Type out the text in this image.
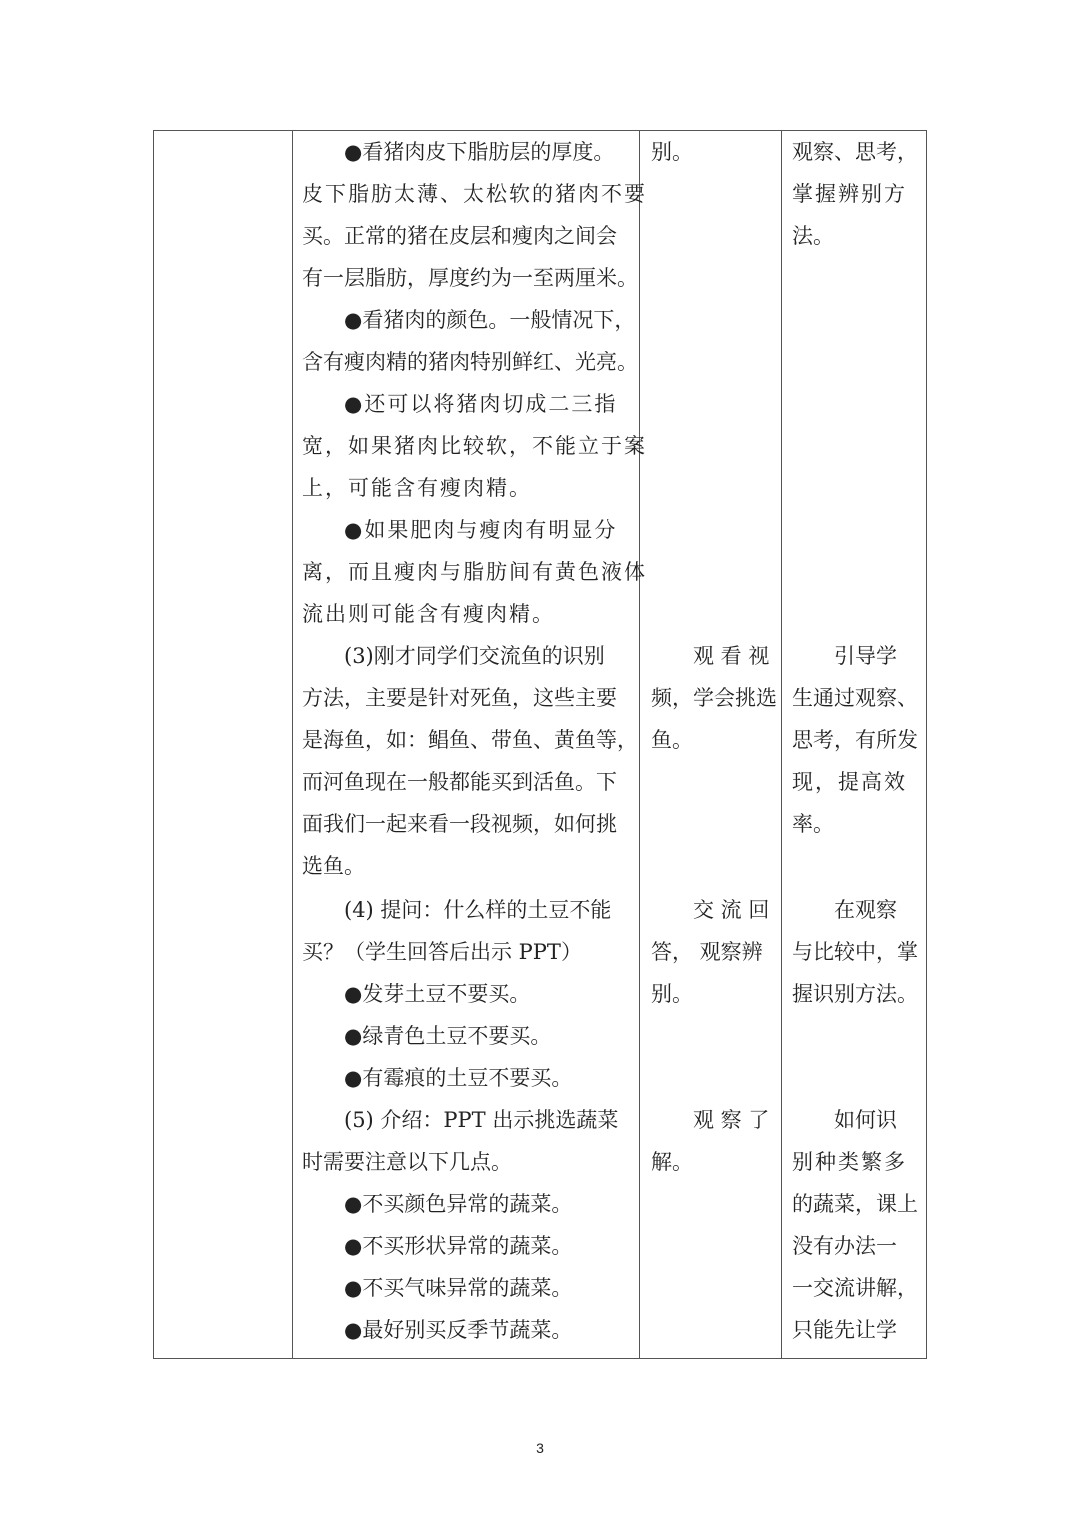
●看猪肉皮下脂肪层的厚度。
皮下脂肪太薄、太松软的猪肉不要
买。正常的猪在皮层和瘦肉之间会
有一层脂肪，厚度约为一至两厘米。
●看猪肉的颜色。一般情况下，
含有瘦肉精的猪肉特别鲜红、光亮。
●还可以将猪肉切成二三指
宽，如果猪肉比较软，不能立于案
上，可能含有瘦肉精。
●如果肥肉与瘦肉有明显分
离，而且瘦肉与脂肪间有黄色液体
流出则可能含有瘦肉精。
(3)刚才同学们交流鱼的识别
方法，主要是针对死鱼，这些主要
是海鱼，如：鲳鱼、带鱼、黄鱼等，
而河鱼现在一般都能买到活鱼。下
面我们一起来看一段视频，如何挑
选鱼。
(4) 提问：什么样的土豆不能
买？（学生回答后出示 PPT）
●发芽土豆不要买。
●绿青色土豆不要买。
●有霉痕的土豆不要买。
(5) 介绍：PPT 出示挑选蔬菜
时需要注意以下几点。
●不买颜色异常的蔬菜。
●不买形状异常的蔬菜。
●不买气味异常的蔬菜。
●最好别买反季节蔬菜。
别。
观 看 视
频，学会挑选
鱼。
交 流 回
答， 观察辨
别。
观 察 了
解。
观察、思考，
掌握辨别方
法。
引导学
生通过观察、
思考，有所发
现，提高效
率。
在观察
与比较中，掌
握识别方法。
如何识
别种类繁多
的蔬菜，课上
没有办法一
一交流讲解，
只能先让学
3
